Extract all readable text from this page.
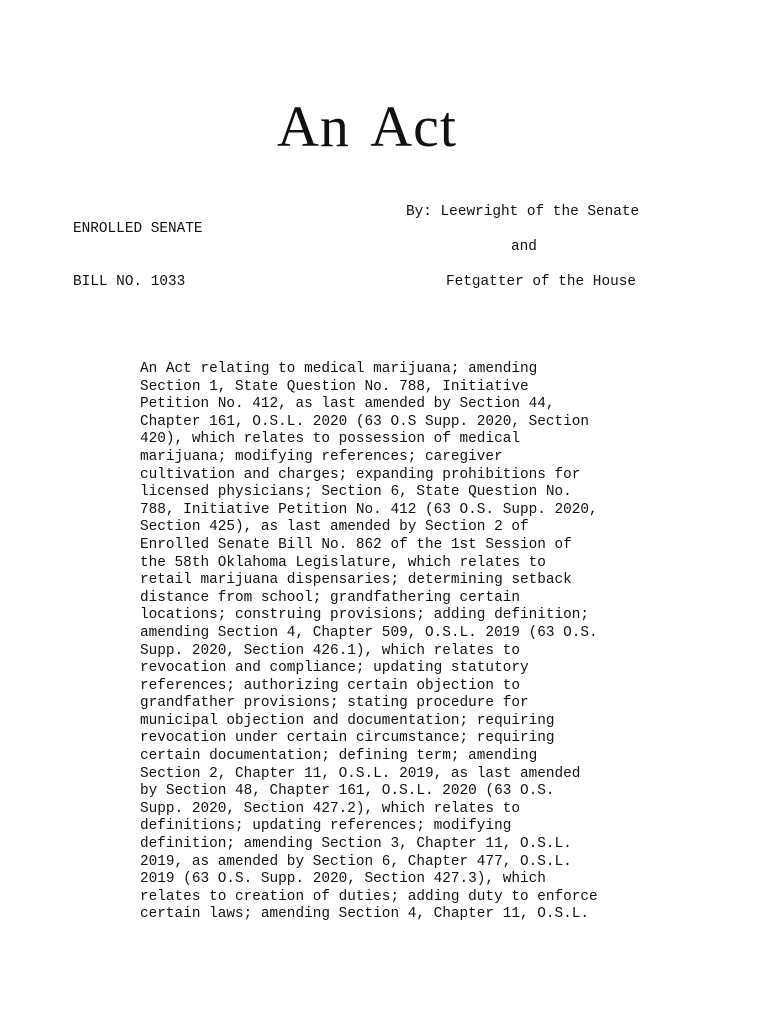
An Act

ENROLLED SENATE

BILL NO. 1033

By: Leewright of the Senate
and
Fetgatter of the House
An Act relating to medical marijuana; amending
Section 1, State Question No. 788, Initiative
Petition No. 412, as last amended by Section 44,
Chapter 161, O.S.L. 2020 (63 O.S Supp. 2020, Section
420), which relates to possession of medical
marijuana; modifying references; caregiver
cultivation and charges; expanding prohibitions for
licensed physicians; Section 6, State Question No.
788, Initiative Petition No. 412 (63 O.S. Supp. 2020,
Section 425), as last amended by Section 2 of
Enrolled Senate Bill No. 862 of the 1st Session of
the 58th Oklahoma Legislature, which relates to
retail marijuana dispensaries; determining setback
distance from school; grandfathering certain
locations; construing provisions; adding definition;
amending Section 4, Chapter 509, O.S.L. 2019 (63 O.S.
Supp. 2020, Section 426.1), which relates to
revocation and compliance; updating statutory
references; authorizing certain objection to
grandfather provisions; stating procedure for
municipal objection and documentation; requiring
revocation under certain circumstance; requiring
certain documentation; defining term; amending
Section 2, Chapter 11, O.S.L. 2019, as last amended
by Section 48, Chapter 161, O.S.L. 2020 (63 O.S.
Supp. 2020, Section 427.2), which relates to
definitions; updating references; modifying
definition; amending Section 3, Chapter 11, O.S.L.
2019, as amended by Section 6, Chapter 477, O.S.L.
2019 (63 O.S. Supp. 2020, Section 427.3), which
relates to creation of duties; adding duty to enforce
certain laws; amending Section 4, Chapter 11, O.S.L.
